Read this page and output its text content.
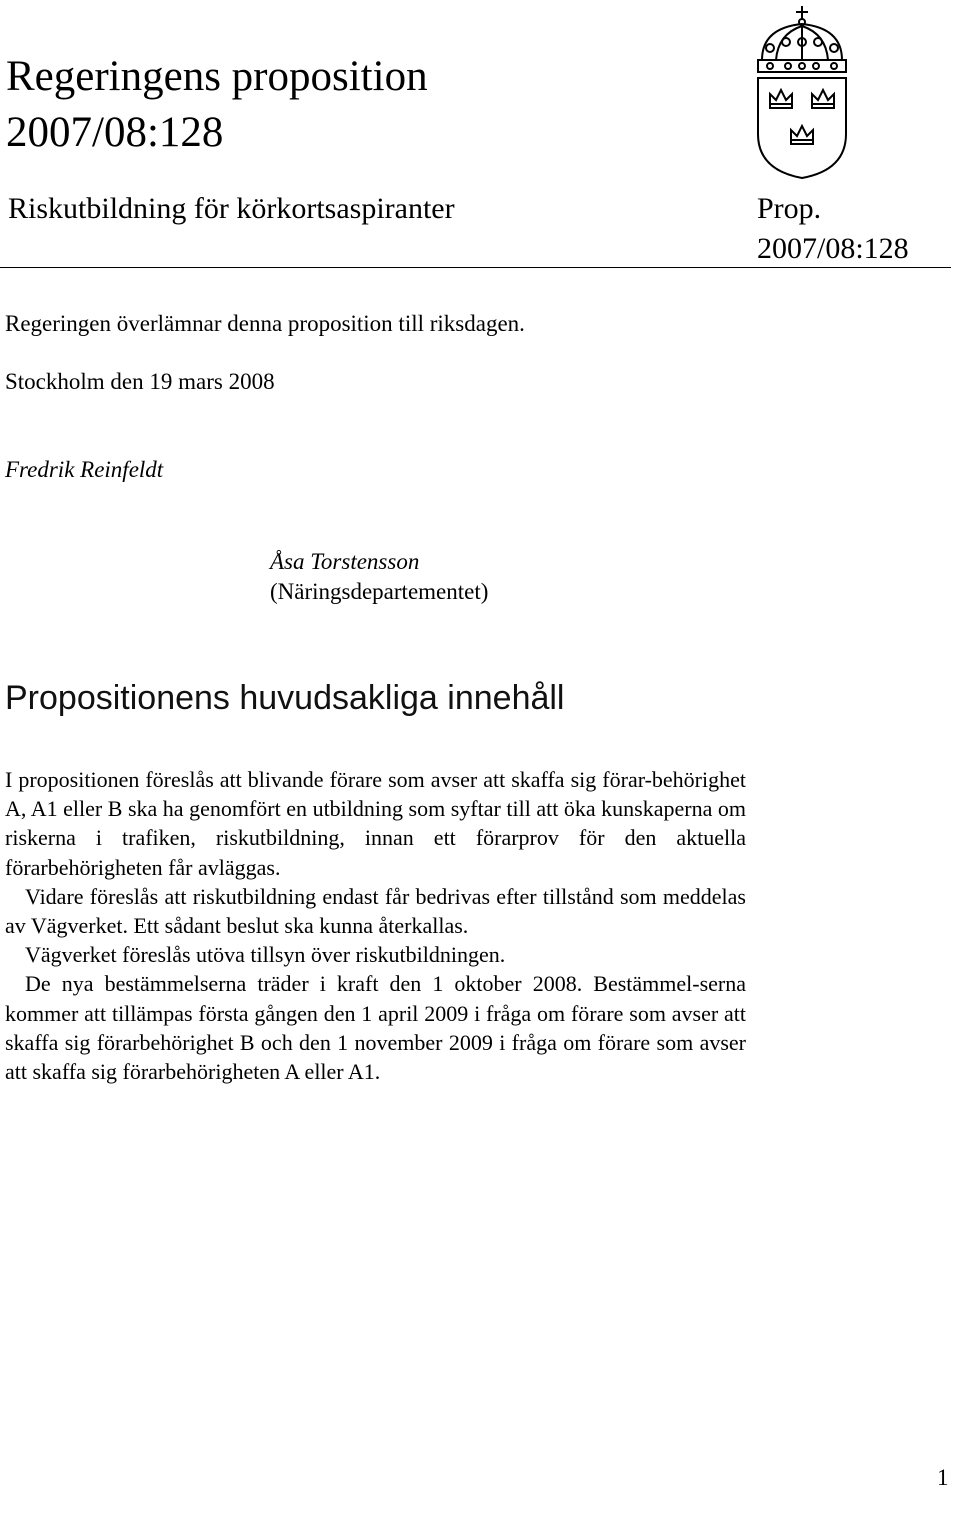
Regeringens proposition
2007/08:128
Riskutbildning för körkortsaspiranter	Prop.
2007/08:128
Regeringen överlämnar denna proposition till riksdagen.
Stockholm den 19 mars 2008
Fredrik Reinfeldt
Åsa Torstensson
(Näringsdepartementet)
Propositionens huvudsakliga innehåll

I propositionen föreslås att blivande förare som avser att skaffa sig förar-behörighet A, A1 eller B ska ha genomfört en utbildning som syftar till att öka kunskaperna om riskerna i trafiken, riskutbildning, innan ett förarprov för den aktuella förarbehörigheten får avläggas.

Vidare föreslås att riskutbildning endast får bedrivas efter tillstånd som meddelas av Vägverket. Ett sådant beslut ska kunna återkallas.

Vägverket föreslås utöva tillsyn över riskutbildningen.

De nya bestämmelserna träder i kraft den 1 oktober 2008. Bestämmel-serna kommer att tillämpas första gången den 1 april 2009 i fråga om förare som avser att skaffa sig förarbehörighet B och den 1 november 2009 i fråga om förare som avser att skaffa sig förarbehörigheten A eller A1.

1
